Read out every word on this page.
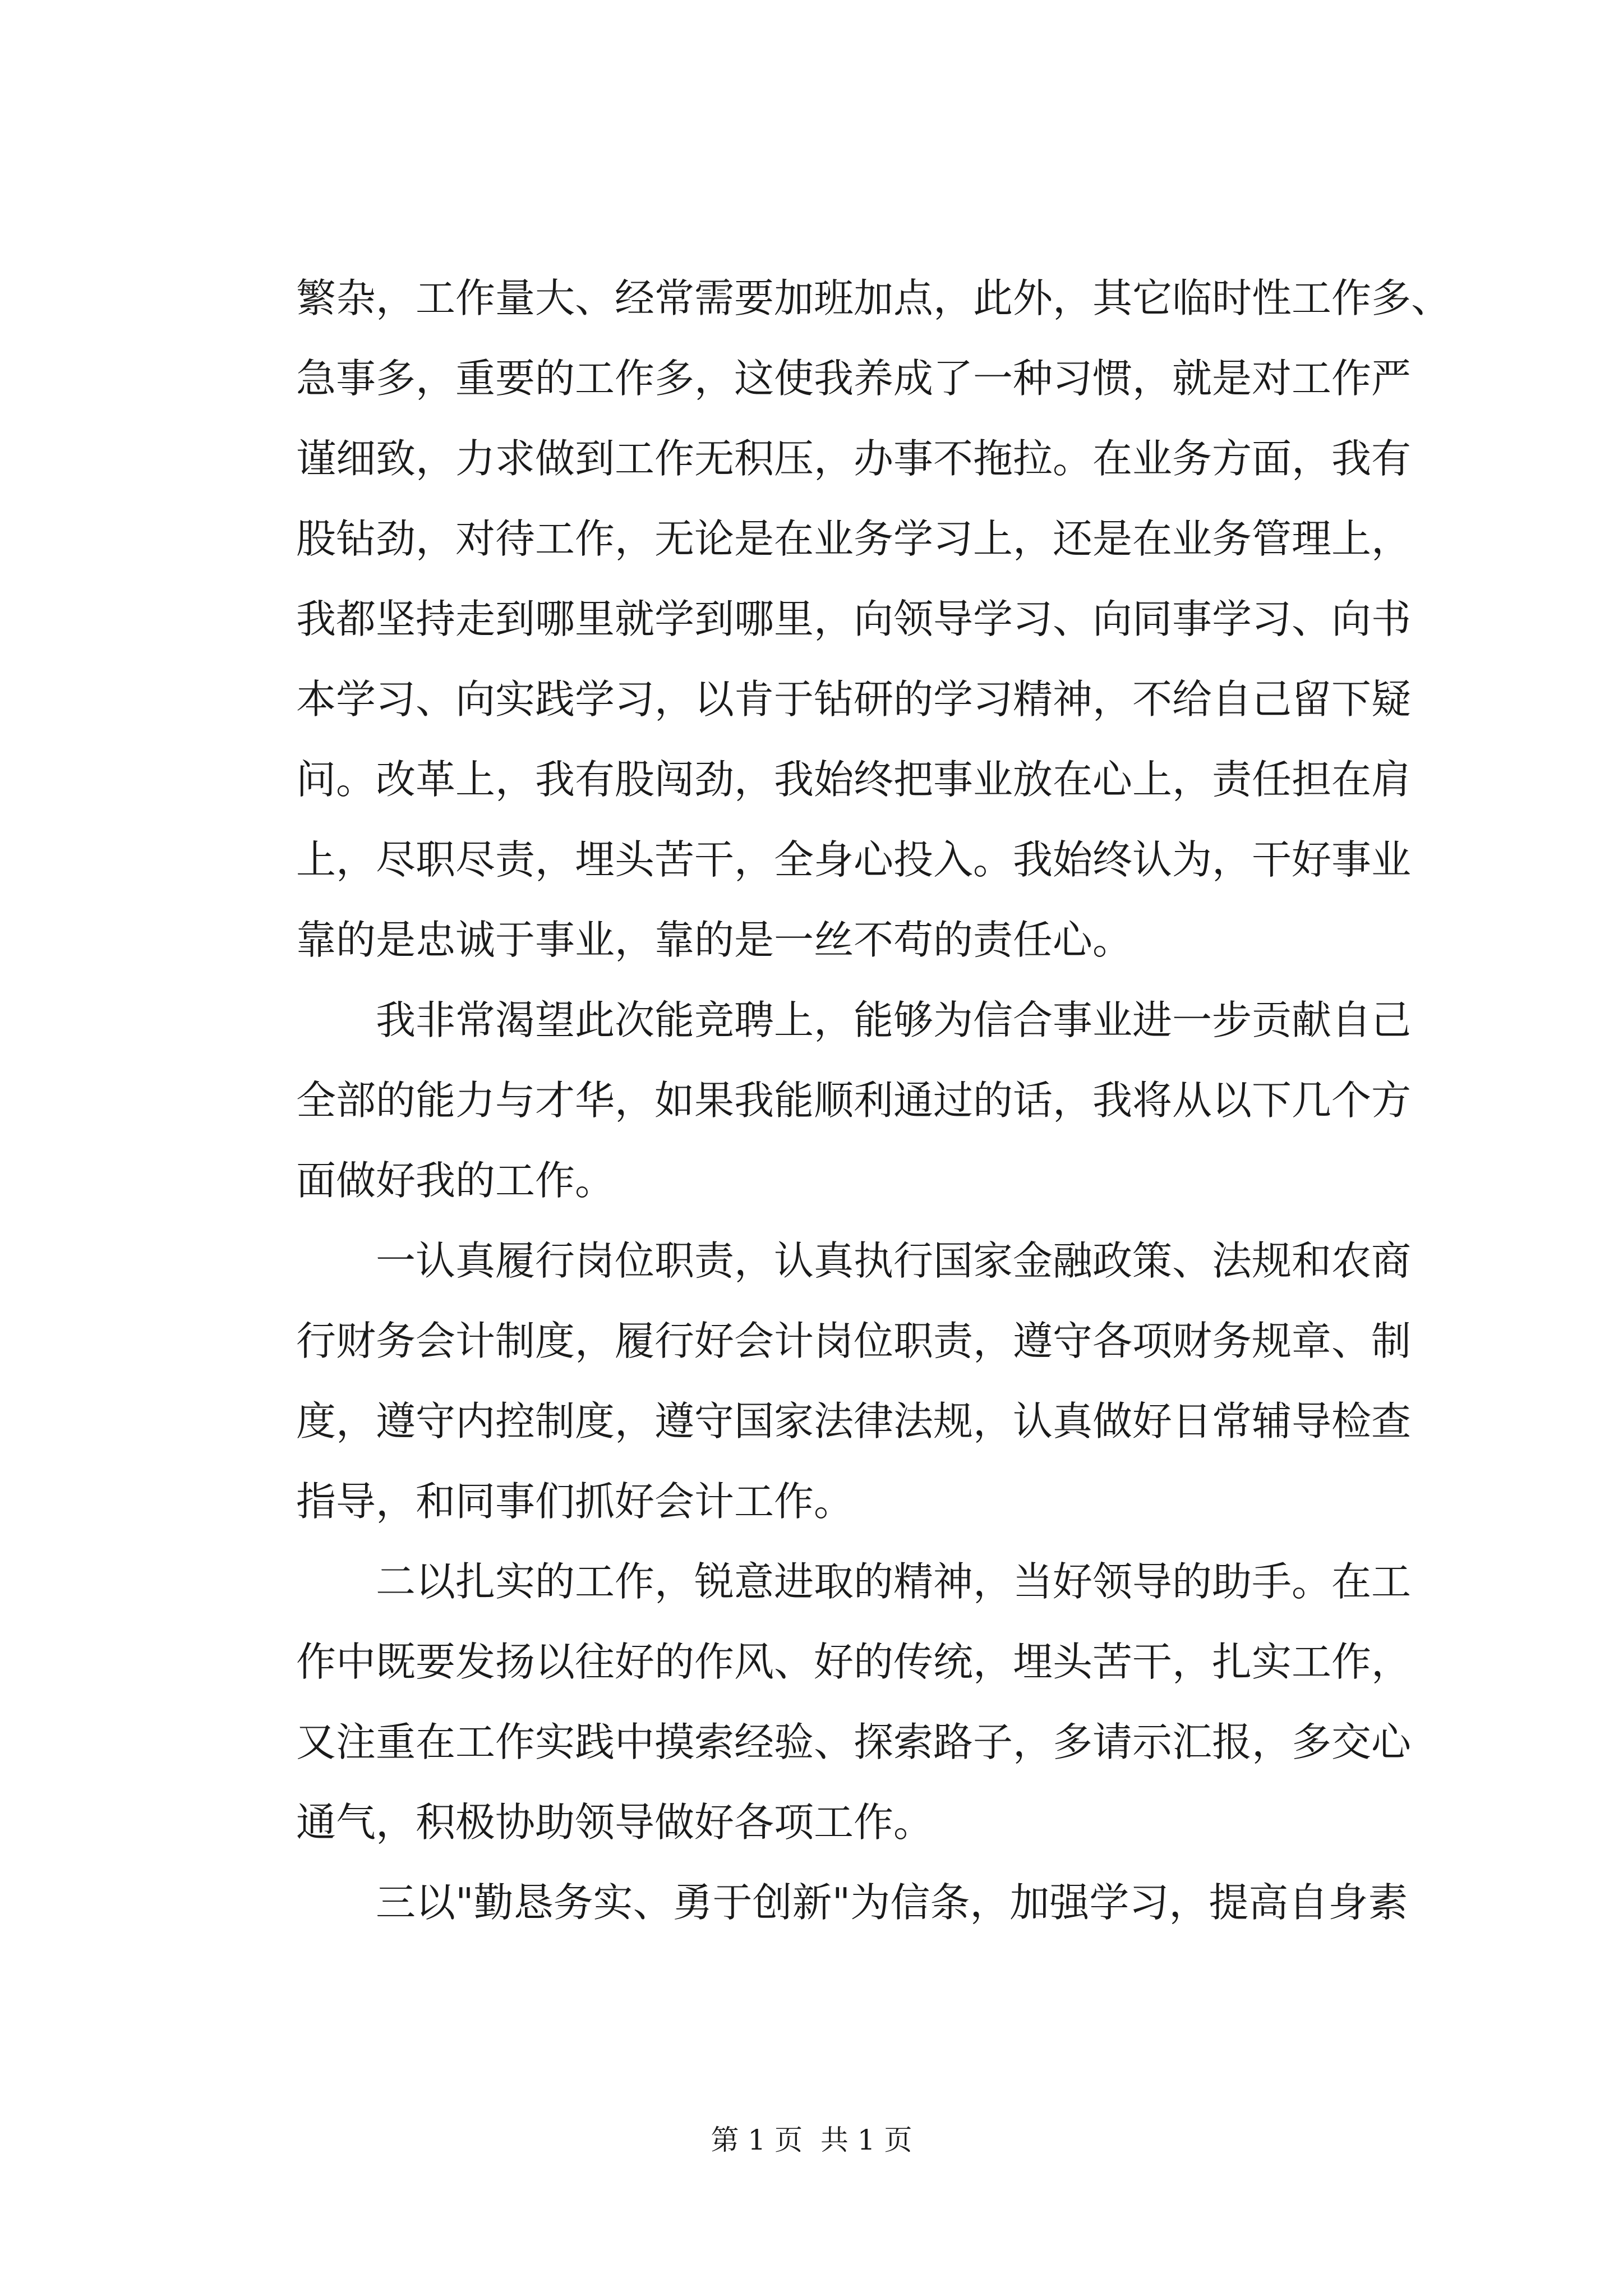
繁杂，工作量大、经常需要加班加点，此外，其它临时性工作多、
急事多，重要的工作多，这使我养成了一种习惯，就是对工作严
谨细致，力求做到工作无积压，办事不拖拉。在业务方面，我有
股钻劲，对待工作，无论是在业务学习上，还是在业务管理上，
我都坚持走到哪里就学到哪里，向领导学习、向同事学习、向书
本学习、向实践学习，以肯于钻研的学习精神，不给自己留下疑
问。改革上，我有股闯劲，我始终把事业放在心上，责任担在肩
上，尽职尽责，埋头苦干，全身心投入。我始终认为，干好事业
靠的是忠诚于事业，靠的是一丝不苟的责任心。
我非常渴望此次能竞聘上，能够为信合事业进一步贡献自己
全部的能力与才华，如果我能顺利通过的话，我将从以下几个方
面做好我的工作。
一认真履行岗位职责，认真执行国家金融政策、法规和农商
行财务会计制度，履行好会计岗位职责，遵守各项财务规章、制
度，遵守内控制度，遵守国家法律法规，认真做好日常辅导检查
指导，和同事们抓好会计工作。
二以扎实的工作，锐意进取的精神，当好领导的助手。在工
作中既要发扬以往好的作风、好的传统，埋头苦干，扎实工作，
又注重在工作实践中摸索经验、探索路子，多请示汇报，多交心
通气，积极协助领导做好各项工作。
三以"勤恳务实、勇于创新"为信条，加强学习，提高自身素
第 1 页  共 1 页
